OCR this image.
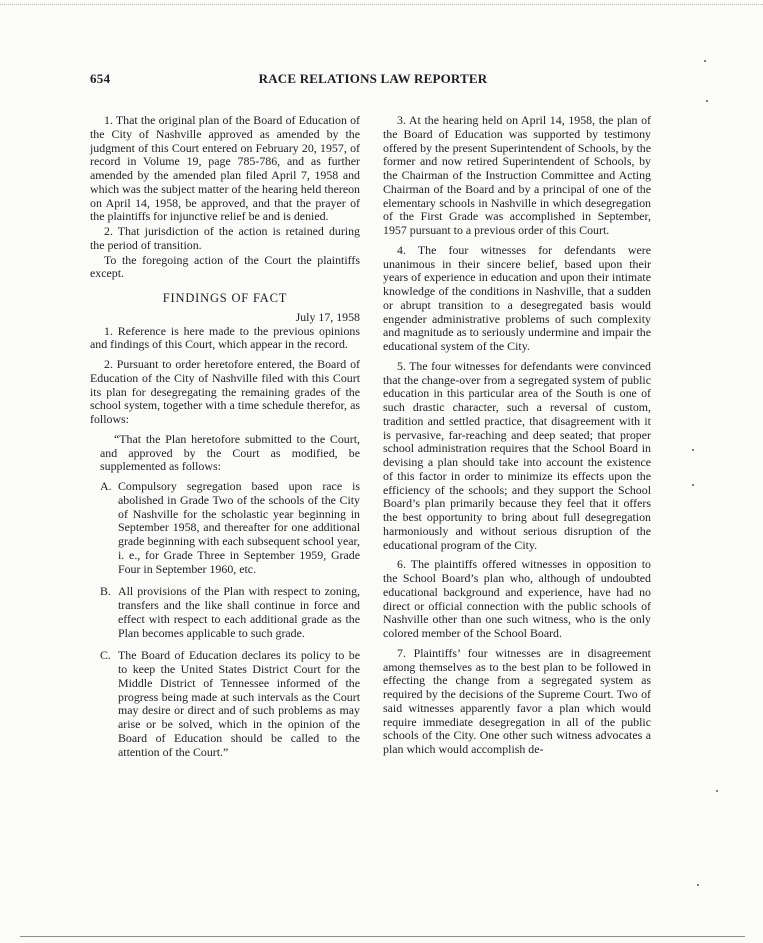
654	RACE RELATIONS LAW REPORTER

1. That the original plan of the Board of Education of the City of Nashville approved as amended by the judgment of this Court entered on February 20, 1957, of record in Volume 19, page 785-786, and as further amended by the amended plan filed April 7, 1958 and which was the subject matter of the hearing held thereon on April 14, 1958, be approved, and that the prayer of the plaintiffs for injunctive relief be and is denied.

2. That jurisdiction of the action is retained during the period of transition.

To the foregoing action of the Court the plaintiffs except.

FINDINGS OF FACT

July 17, 1958

1. Reference is here made to the previous opinions and findings of this Court, which appear in the record.

2. Pursuant to order heretofore entered, the Board of Education of the City of Nashville filed with this Court its plan for desegregating the remaining grades of the school system, together with a time schedule therefor, as follows:

“That the Plan heretofore submitted to the Court, and approved by the Court as modified, be supplemented as follows:

A. Compulsory segregation based upon race is abolished in Grade Two of the schools of the City of Nashville for the scholastic year beginning in September 1958, and thereafter for one additional grade beginning with each subsequent school year, i. e., for Grade Three in September 1959, Grade Four in September 1960, etc.
B. All provisions of the Plan with respect to zoning, transfers and the like shall continue in force and effect with respect to each additional grade as the Plan becomes applicable to such grade.
C. The Board of Education declares its policy to be to keep the United States District Court for the Middle District of Tennessee informed of the progress being made at such intervals as the Court may desire or direct and of such problems as may arise or be solved, which in the opinion of the Board of Education should be called to the attention of the Court.”

3. At the hearing held on April 14, 1958, the plan of the Board of Education was supported by testimony offered by the present Superintendent of Schools, by the former and now retired Superintendent of Schools, by the Chairman of the Instruction Committee and Acting Chairman of the Board and by a principal of one of the elementary schools in Nashville in which desegregation of the First Grade was accomplished in September, 1957 pursuant to a previous order of this Court.

4. The four witnesses for defendants were unanimous in their sincere belief, based upon their years of experience in education and upon their intimate knowledge of the conditions in Nashville, that a sudden or abrupt transition to a desegregated basis would engender administrative problems of such complexity and magnitude as to seriously undermine and impair the educational system of the City.

5. The four witnesses for defendants were convinced that the change-over from a segregated system of public education in this particular area of the South is one of such drastic character, such a reversal of custom, tradition and settled practice, that disagreement with it is pervasive, far-reaching and deep seated; that proper school administration requires that the School Board in devising a plan should take into account the existence of this factor in order to minimize its effects upon the efficiency of the schools; and they support the School Board’s plan primarily because they feel that it offers the best opportunity to bring about full desegregation harmoniously and without serious disruption of the educational program of the City.

6. The plaintiffs offered witnesses in opposition to the School Board’s plan who, although of undoubted educational background and experience, have had no direct or official connection with the public schools of Nashville other than one such witness, who is the only colored member of the School Board.

7. Plaintiffs’ four witnesses are in disagreement among themselves as to the best plan to be followed in effecting the change from a segregated system as required by the decisions of the Supreme Court. Two of said witnesses apparently favor a plan which would require immediate desegregation in all of the public schools of the City. One other such witness advocates a plan which would accomplish de-
